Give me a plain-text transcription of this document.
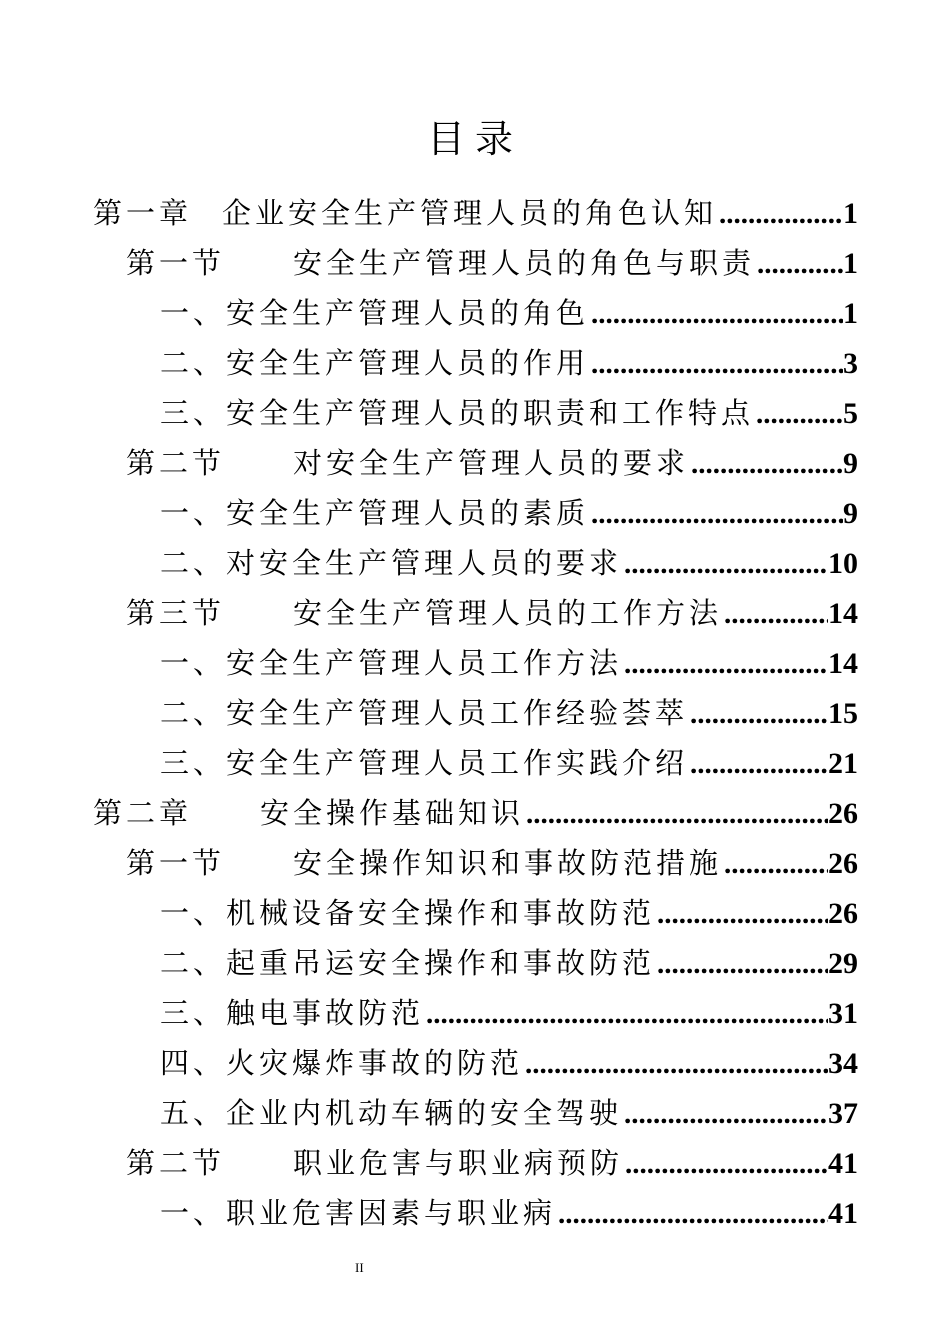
目录
第一章 企业安全生产管理人员的角色认知 .....	1
第一节 安全生产管理人员的角色与职责 .....	1
一、安全生产管理人员的角色 .....	1
二、安全生产管理人员的作用 .....	3
三、安全生产管理人员的职责和工作特点 .....	5
第二节 对安全生产管理人员的要求 .....	9
一、安全生产管理人员的素质 .....	9
二、对安全生产管理人员的要求 .....	10
第三节 安全生产管理人员的工作方法 .....	14
一、安全生产管理人员工作方法 .....	14
二、安全生产管理人员工作经验荟萃 .....	15
三、安全生产管理人员工作实践介绍 .....	21
第二章 安全操作基础知识 .....	26
第一节 安全操作知识和事故防范措施 .....	26
一、机械设备安全操作和事故防范 .....	26
二、起重吊运安全操作和事故防范 .....	29
三、触电事故防范 .....	31
四、火灾爆炸事故的防范 .....	34
五、企业内机动车辆的安全驾驶 .....	37
第二节 职业危害与职业病预防 .....	41
一、职业危害因素与职业病 .....	41
II
